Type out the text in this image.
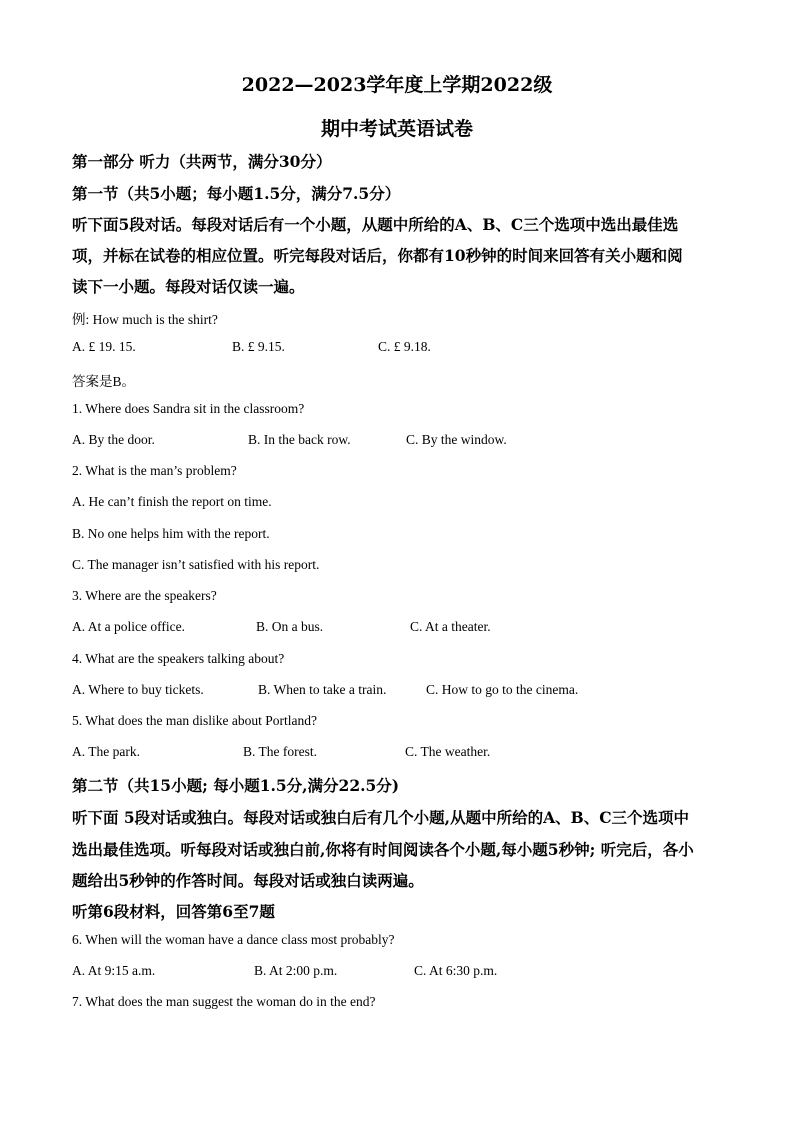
2022—2023学年度上学期2022级
期中考试英语试卷
第一部分 听力（共两节，满分30分）
第一节（共5小题；每小题1.5分，满分7.5分）
听下面5段对话。每段对话后有一个小题，从题中所给的A、B、C三个选项中选出最佳选
项，并标在试卷的相应位置。听完每段对话后，你都有10秒钟的时间来回答有关小题和阅
读下一小题。每段对话仅读一遍。
例: How much is the shirt?
A. £ 19. 15.	B. £ 9.15.	C. £ 9.18.
答案是B。
1. Where does Sandra sit in the classroom?
A. By the door.	B. In the back row.	C. By the window.
2. What is the man’s problem?
A. He can’t finish the report on time.
B. No one helps him with the report.
C. The manager isn’t satisfied with his report.
3. Where are the speakers?
A. At a police office.	B. On a bus.	C. At a theater.
4. What are the speakers talking about?
A. Where to buy tickets.	B. When to take a train.	C. How to go to the cinema.
5. What does the man dislike about Portland?
A. The park.	B. The forest.	C. The weather.
第二节（共15小题; 每小题1.5分,满分22.5分)
听下面 5段对话或独白。每段对话或独白后有几个小题,从题中所给的A、B、C三个选项中
选出最佳选项。听每段对话或独白前,你将有时间阅读各个小题,每小题5秒钟; 听完后，各小
题给出5秒钟的作答时间。每段对话或独白读两遍。
听第6段材料，回答第6至7题
6. When will the woman have a dance class most probably?
A. At 9:15 a.m.	B. At 2:00 p.m.	C. At 6:30 p.m.
7. What does the man suggest the woman do in the end?
